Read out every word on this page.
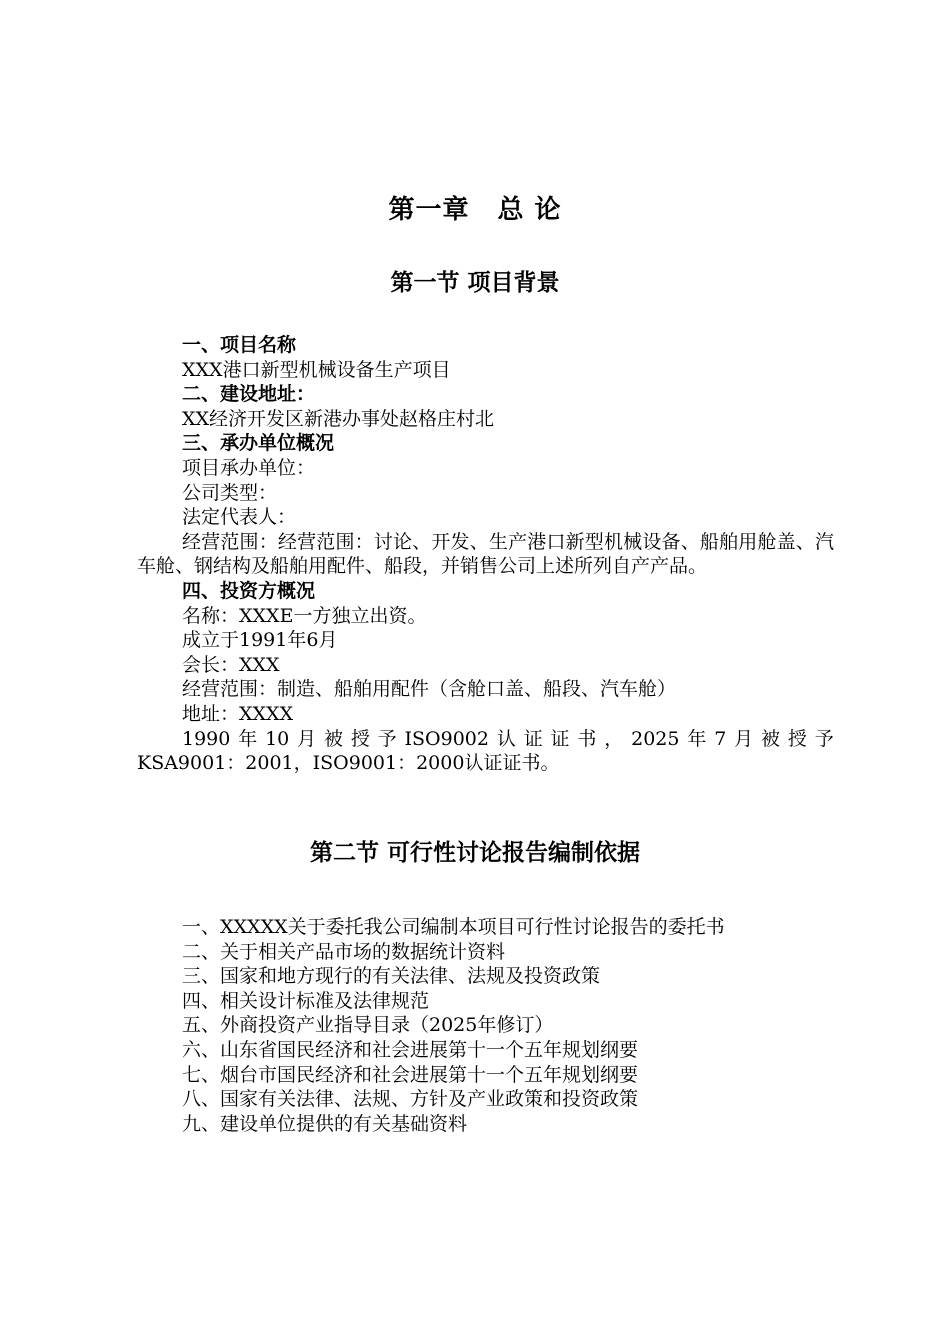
第一章 总 论
第一节 项目背景
一、项目名称
XXX港口新型机械设备生产项目
二、建设地址：
XX经济开发区新港办事处赵格庄村北
三、承办单位概况
项目承办单位：
公司类型：
法定代表人：
经营范围：经营范围：讨论、开发、生产港口新型机械设备、船舶用舱盖、汽车舱、钢结构及船舶用配件、船段，并销售公司上述所列自产产品。
四、投资方概况
名称：XXXE一方独立出资。
成立于1991年6月
会长：XXX
经营范围：制造、船舶用配件（含舱口盖、船段、汽车舱）
地址：XXXX
1990 年 10 月 被 授 予 ISO9002 认 证 证 书 ， 2025 年 7 月 被 授 予
KSA9001：2001，ISO9001：2000认证证书。
第二节 可行性讨论报告编制依据
一、XXXXX关于委托我公司编制本项目可行性讨论报告的委托书
二、关于相关产品市场的数据统计资料
三、国家和地方现行的有关法律、法规及投资政策
四、相关设计标准及法律规范
五、外商投资产业指导目录（2025年修订）
六、山东省国民经济和社会进展第十一个五年规划纲要
七、烟台市国民经济和社会进展第十一个五年规划纲要
八、国家有关法律、法规、方针及产业政策和投资政策
九、建设单位提供的有关基础资料
